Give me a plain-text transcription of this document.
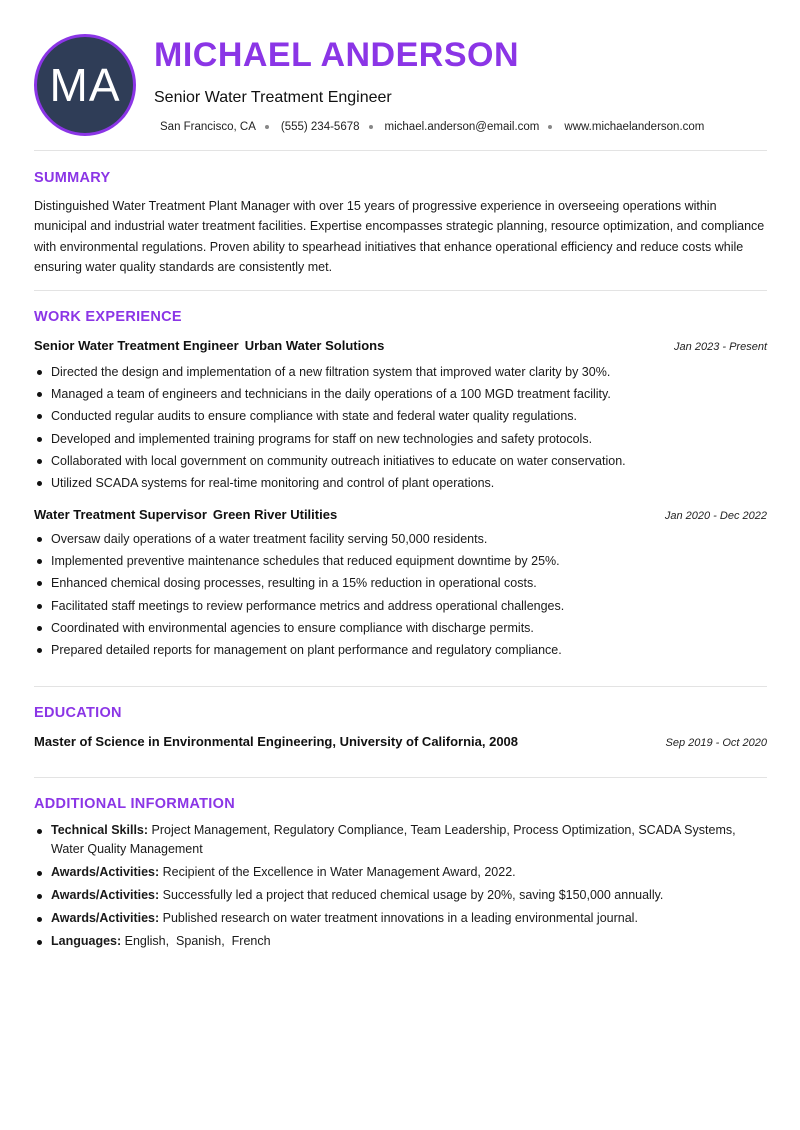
MA
MICHAEL ANDERSON
Senior Water Treatment Engineer
San Francisco, CA (555) 234-5678 michael.anderson@email.com www.michaelanderson.com
SUMMARY

Distinguished Water Treatment Plant Manager with over 15 years of progressive experience in overseeing operations within municipal and industrial water treatment facilities. Expertise encompasses strategic planning, resource optimization, and compliance with environmental regulations. Proven ability to spearhead initiatives that enhance operational efficiency and reduce costs while ensuring water quality standards are consistently met.

WORK EXPERIENCE
Senior Water Treatment Engineer Urban Water Solutions	Jan 2023 - Present
Directed the design and implementation of a new filtration system that improved water clarity by 30%.
Managed a team of engineers and technicians in the daily operations of a 100 MGD treatment facility.
Conducted regular audits to ensure compliance with state and federal water quality regulations.
Developed and implemented training programs for staff on new technologies and safety protocols.
Collaborated with local government on community outreach initiatives to educate on water conservation.
Utilized SCADA systems for real-time monitoring and control of plant operations.
Water Treatment Supervisor Green River Utilities	Jan 2020 - Dec 2022
Oversaw daily operations of a water treatment facility serving 50,000 residents.
Implemented preventive maintenance schedules that reduced equipment downtime by 25%.
Enhanced chemical dosing processes, resulting in a 15% reduction in operational costs.
Facilitated staff meetings to review performance metrics and address operational challenges.
Coordinated with environmental agencies to ensure compliance with discharge permits.
Prepared detailed reports for management on plant performance and regulatory compliance.
EDUCATION
Master of Science in Environmental Engineering, University of California, 2008	Sep 2019 - Oct 2020
ADDITIONAL INFORMATION
Technical Skills: Project Management, Regulatory Compliance, Team Leadership, Process Optimization, SCADA Systems, Water Quality Management
Awards/Activities: Recipient of the Excellence in Water Management Award, 2022.
Awards/Activities: Successfully led a project that reduced chemical usage by 20%, saving $150,000 annually.
Awards/Activities: Published research on water treatment innovations in a leading environmental journal.
Languages: English,  Spanish,  French
